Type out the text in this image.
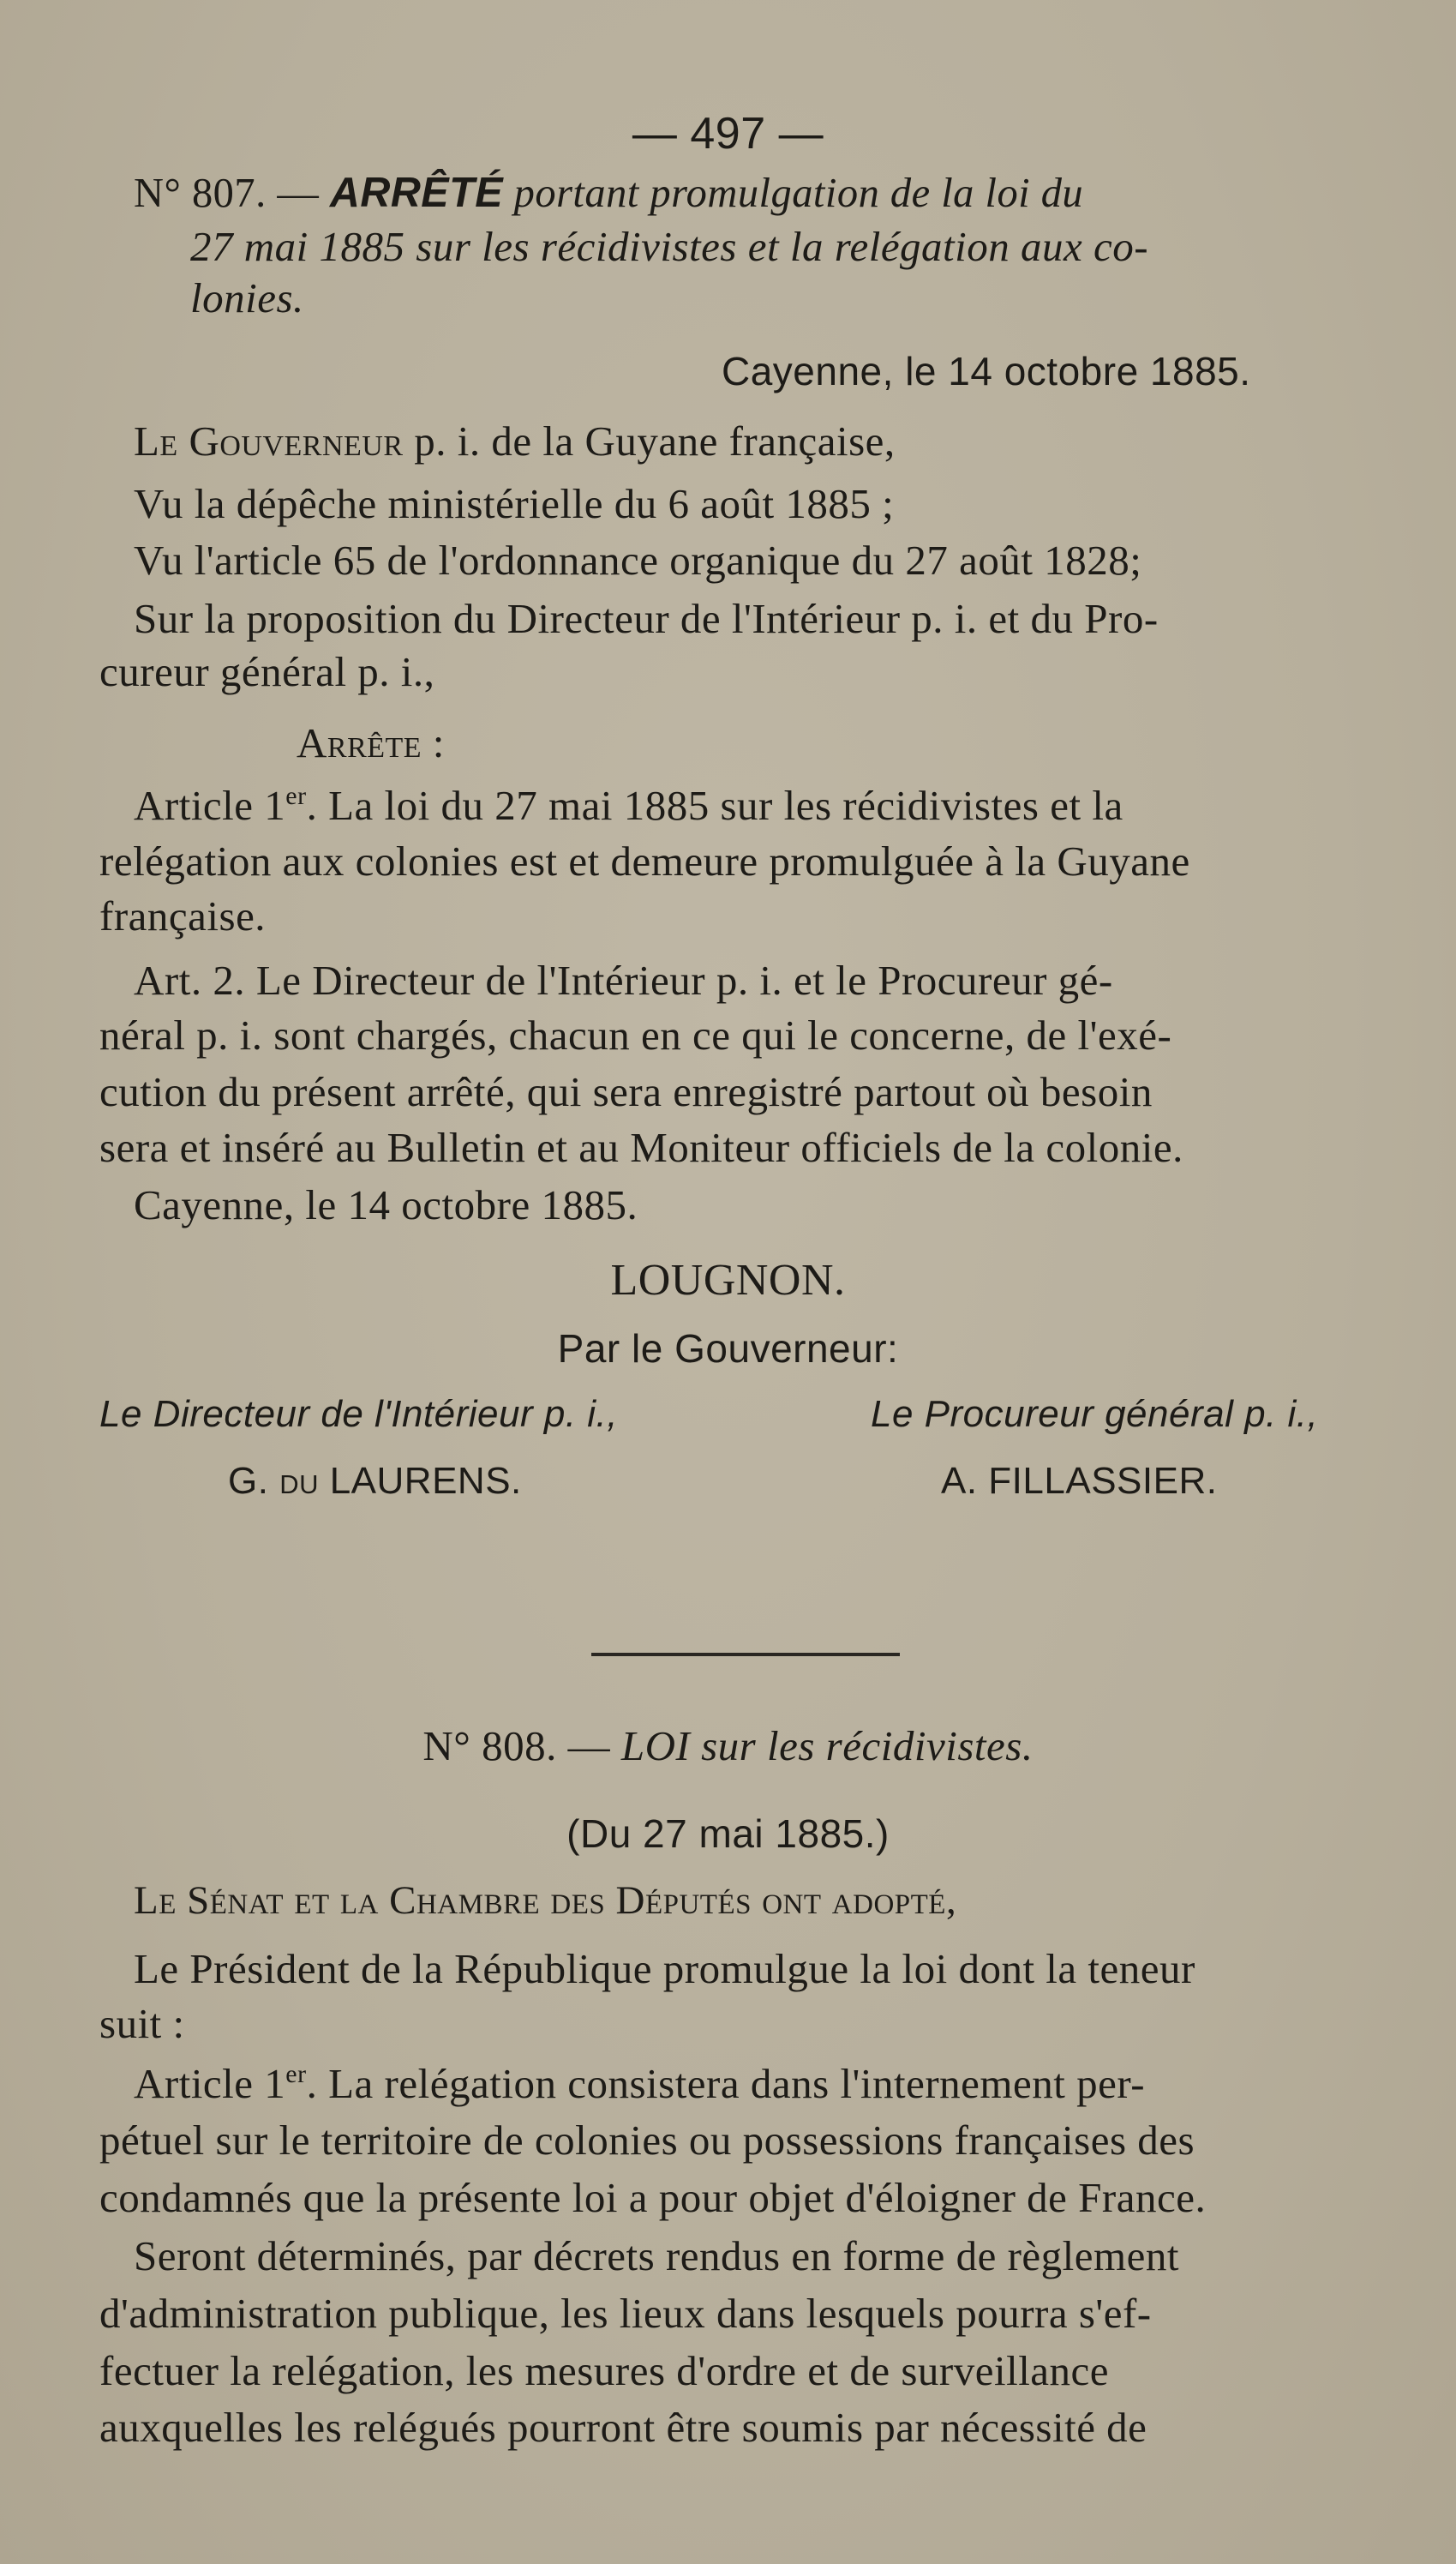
— 497 —
N° 807. — ARRÊTÉ portant promulgation de la loi du
27 mai 1885 sur les récidivistes et la relégation aux co-
lonies.
Cayenne, le 14 octobre 1885.
Le Gouverneur p. i. de la Guyane française,
Vu la dépêche ministérielle du 6 août 1885 ;
Vu l'article 65 de l'ordonnance organique du 27 août 1828;
Sur la proposition du Directeur de l'Intérieur p. i. et du Pro-
cureur général p. i.,
Arrête :
Article 1er. La loi du 27 mai 1885 sur les récidivistes et la
relégation aux colonies est et demeure promulguée à la Guyane
française.
Art. 2. Le Directeur de l'Intérieur p. i. et le Procureur gé-
néral p. i. sont chargés, chacun en ce qui le concerne, de l'exé-
cution du présent arrêté, qui sera enregistré partout où besoin
sera et inséré au Bulletin et au Moniteur officiels de la colonie.
Cayenne, le 14 octobre 1885.
LOUGNON.
Par le Gouverneur:
Le Directeur de l'Intérieur p. i.,	Le Procureur général p. i.,
G. du LAURENS.	A. FILLASSIER.
N° 808. — LOI sur les récidivistes.
(Du 27 mai 1885.)
Le Sénat et la Chambre des Députés ont adopté,
Le Président de la République promulgue la loi dont la teneur
suit :
Article 1er. La relégation consistera dans l'internement per-
pétuel sur le territoire de colonies ou possessions françaises des
condamnés que la présente loi a pour objet d'éloigner de France.
Seront déterminés, par décrets rendus en forme de règlement
d'administration publique, les lieux dans lesquels pourra s'ef-
fectuer la relégation, les mesures d'ordre et de surveillance
auxquelles les relégués pourront être soumis par nécessité de
